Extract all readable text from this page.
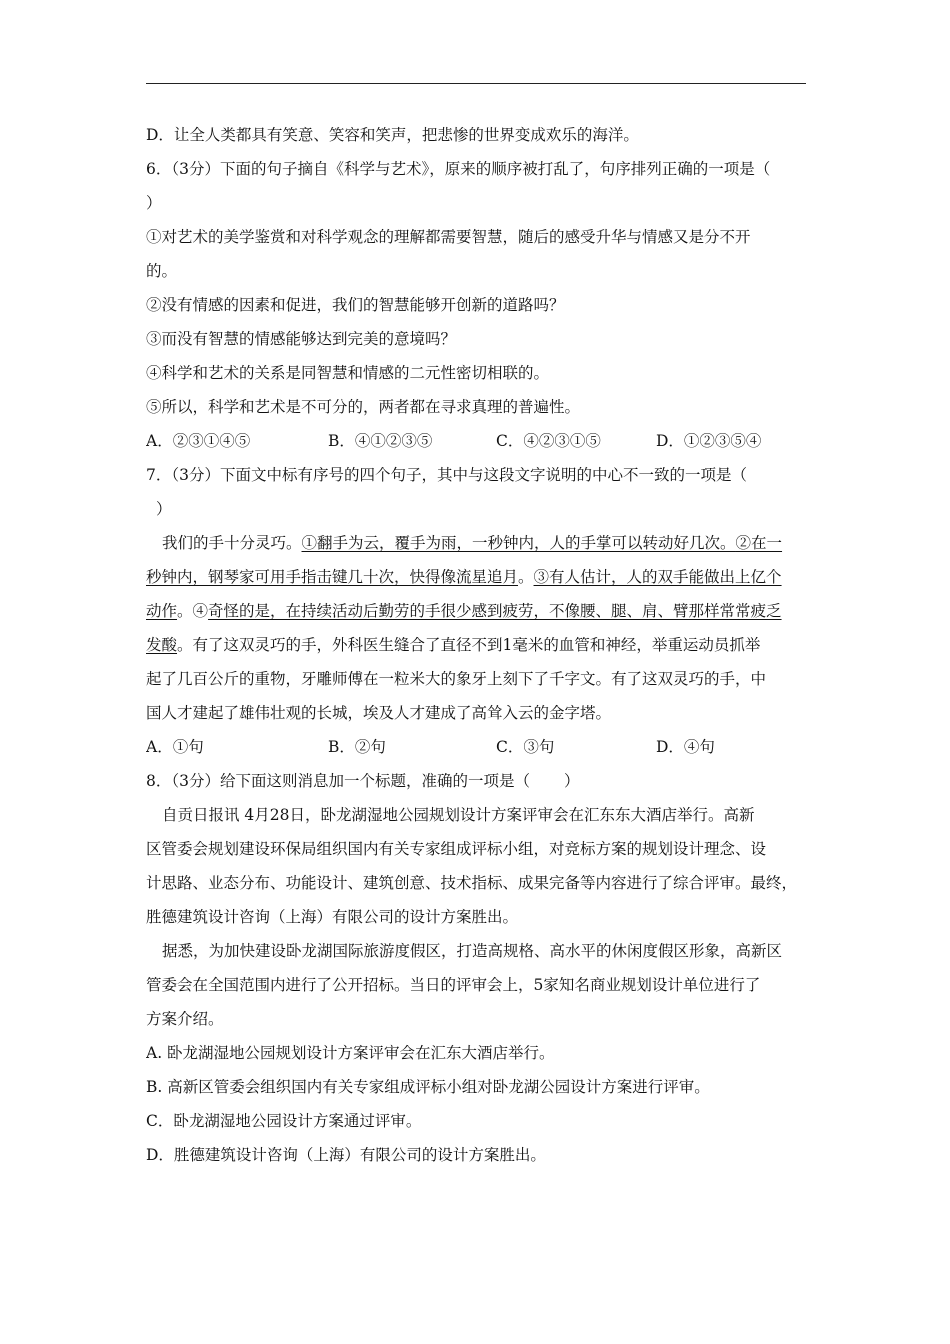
D．让全人类都具有笑意、笑容和笑声，把悲惨的世界变成欢乐的海洋。
6．（3分）下面的句子摘自《科学与艺术》，原来的顺序被打乱了，句序排列正确的一项是（
）
①对艺术的美学鉴赏和对科学观念的理解都需要智慧，随后的感受升华与情感又是分不开
的。
②没有情感的因素和促进，我们的智慧能够开创新的道路吗？
③而没有智慧的情感能够达到完美的意境吗？
④科学和艺术的关系是同智慧和情感的二元性密切相联的。
⑤所以，科学和艺术是不可分的，两者都在寻求真理的普遍性。
A．②③①④⑤	B．④①②③⑤	C．④②③①⑤	D．①②③⑤④
7．（3分）下面文中标有序号的四个句子，其中与这段文字说明的中心不一致的一项是（
）
我们的手十分灵巧。①翻手为云，覆手为雨，一秒钟内，人的手掌可以转动好几次。②在一
秒钟内，钢琴家可用手指击键几十次，快得像流星追月。③有人估计，人的双手能做出上亿个
动作。④奇怪的是，在持续活动后勤劳的手很少感到疲劳，不像腰、腿、肩、臂那样常常疲乏
发酸。有了这双灵巧的手，外科医生缝合了直径不到1毫米的血管和神经，举重运动员抓举
起了几百公斤的重物，牙雕师傅在一粒米大的象牙上刻下了千字文。有了这双灵巧的手，中
国人才建起了雄伟壮观的长城，埃及人才建成了高耸入云的金字塔。
A．①句	B．②句	C．③句	D．④句
8．（3分）给下面这则消息加一个标题，准确的一项是（ ）
自贡日报讯 4月28日，卧龙湖湿地公园规划设计方案评审会在汇东东大酒店举行。高新
区管委会规划建设环保局组织国内有关专家组成评标小组，对竞标方案的规划设计理念、设
计思路、业态分布、功能设计、建筑创意、技术指标、成果完备等内容进行了综合评审。最终，
胜德建筑设计咨询（上海）有限公司的设计方案胜出。
据悉，为加快建设卧龙湖国际旅游度假区，打造高规格、高水平的休闲度假区形象，高新区
管委会在全国范围内进行了公开招标。当日的评审会上，5家知名商业规划设计单位进行了
方案介绍。
A. 卧龙湖湿地公园规划设计方案评审会在汇东大酒店举行。
B. 高新区管委会组织国内有关专家组成评标小组对卧龙湖公园设计方案进行评审。
C．卧龙湖湿地公园设计方案通过评审。
D．胜德建筑设计咨询（上海）有限公司的设计方案胜出。
